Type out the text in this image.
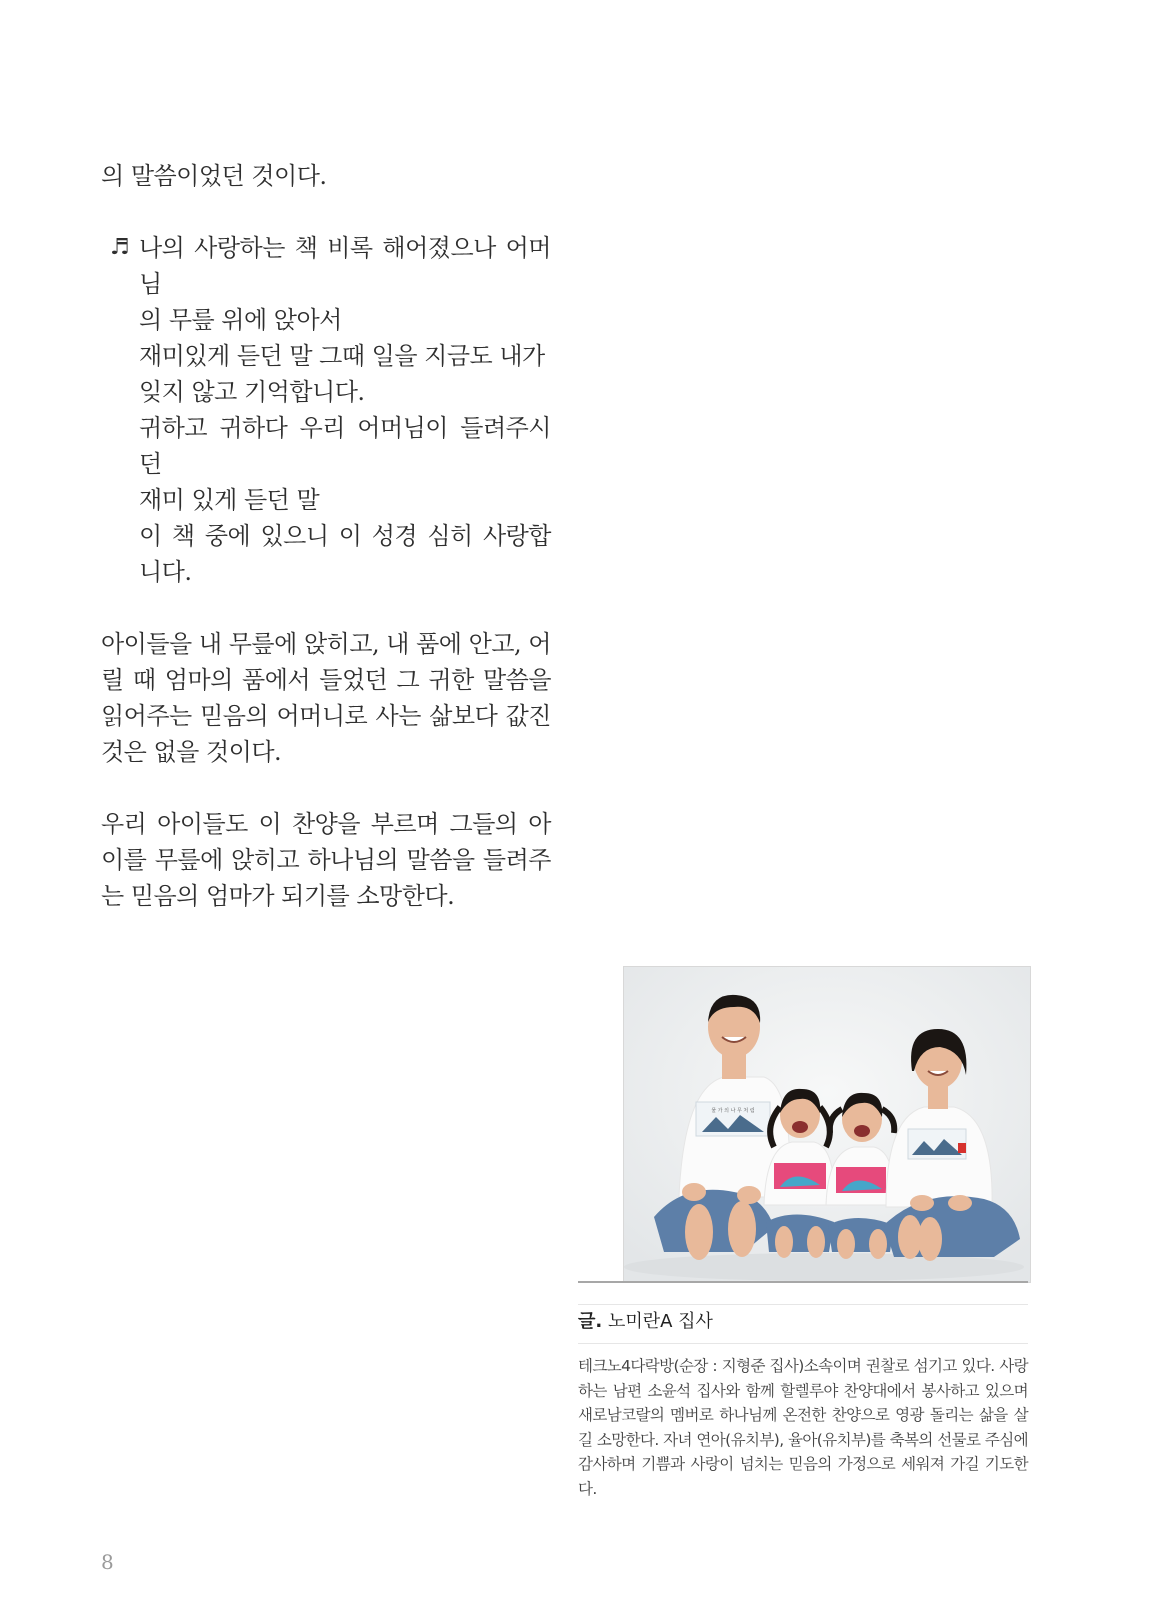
의 말씀이었던 것이다.

♬ 나의 사랑하는 책 비록 해어졌으나 어머님
의 무릎 위에 앉아서
재미있게 듣던 말 그때 일을 지금도 내가
잊지 않고 기억합니다.
귀하고 귀하다 우리 어머님이 들려주시던
재미 있게 듣던 말
이 책 중에 있으니 이 성경 심히 사랑합니다.

아이들을 내 무릎에 앉히고, 내 품에 안고, 어릴 때 엄마의 품에서 들었던 그 귀한 말씀을 읽어주는 믿음의 어머니로 사는 삶보다 값진 것은 없을 것이다.

우리 아이들도 이 찬양을 부르며 그들의 아이를 무릎에 앉히고 하나님의 말씀을 들려주는 믿음의 엄마가 되기를 소망한다.

물 가 의 나 무 처 럼
글. 노미란A 집사
테크노4다락방(순장 : 지형준 집사)소속이며 권찰로 섬기고 있다. 사랑하는 남편 소윤석 집사와 함께 할렐루야 찬양대에서 봉사하고 있으며 새로남코랄의 멤버로 하나님께 온전한 찬양으로 영광 돌리는 삶을 살길 소망한다. 자녀 연아(유치부), 율아(유치부)를 축복의 선물로 주심에 감사하며 기쁨과 사랑이 넘치는 믿음의 가정으로 세워져 가길 기도한다.
8
